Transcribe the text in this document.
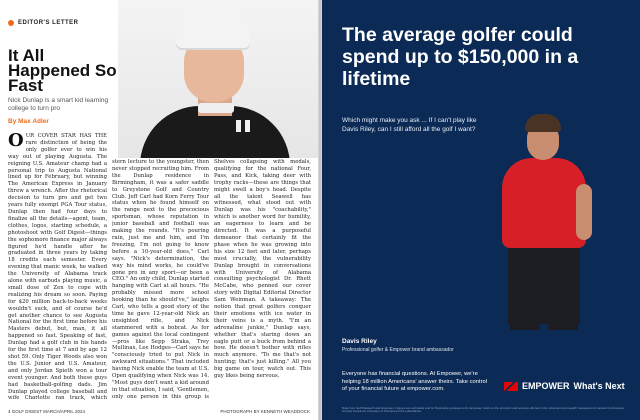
EDITOR'S LETTER
It All Happened So Fast
Nick Dunlap is a smart kid learning college to turn pro
By Max Adler
OUR COVER STAR HAS THE rare distinction of being the only golfer ever to win his way out of playing Augusta. The reigning U.S. Amateur champ had a personal trip to Augusta National lined up for February, but winning The American Express in January threw a wrench. After the rhetorical decision to turn pro and get two years fully exempt PGA Tour status, Dunlap then had four days to finalize all the details—agent, team, clothes, logos, starting schedule, a photoshoot with Golf Digest—things the sophomore finance major always figured he'd handle after he graduated in three years by taking 18 credits each semester. Every evening that manic week, he walked the University of Alabama track alone with earbuds playing music, a small dose of Zen to cope with realizing his dream so soon. Paying for $20 million back-to-back weeks wouldn't suck, and of course he'd get another chance to see Augusta National for the first time before his Masters debut, but, man, it all happened so fast. Speaking of fast, Dunlap had a golf club in his hands for the first time at 7 and by age 12 shot 59. Only Tiger Woods also won the U.S. Junior and U.S. Amateur, and only Jordan Spieth won a tour event younger. And both these guys had basketball-golfing dads. Jim Dunlap played college baseball and wife Charlotte ran track, which
stern lecture to the youngster, then never stopped recruiting him. From the Dunlap residence in Birmingham, it was a safer saddle to Greystone Golf and Country Club. Jeff Carl had Korn Ferry Tour status when he found himself on the range next to the precocious sportsman, whose reputation in junior baseball and football was making the rounds. "It's pouring rain, just me and him, and I'm freezing, I'm not going to know before a 10-year-old does," Carl says. "Nick's determination, the way his mind works, he could've gone pro in any sport—or been a CEO." An only child, Dunlap started hanging with Carl at all hours. "He probably missed more school hooking than he should've," laughs Carl, who tells a good story of the time he gave 12-year-old Nick an unsighted rifle, and Nick stammered with a bobcat. As for games against the local contingent—pros like Sepp Straka, Trey Mullinax, Lee Hodges—Carl says he "consciously tried to put Nick in awkward situations." That included having Nick enable the team at U.S. Open qualifying when Nick was 14. "Most guys don't want a kid around in that situation, I said, 'Gentlemen, only one person in this group is
Shelves collapsing with medals, qualifying for the national Four, Pass, and Kick, taking deer with trophy racks—these are things that might swell a boy's head. Despite all the talent Seawell has witnessed, what stood out with Dunlap was his "coachability," which is another word for humility, an eagerness to learn and be directed. It was a purposeful demeanor that certainly fit the phase when he was growing into his size 12 feet and later, perhaps most crucially, the vulnerability Dunlap brought in conversations with University of Alabama consulting psychologist Dr. Rhett McCabe, who penned our cover story with Digital Editorial Director Sam Weinman. A takeaway: The notion that great golfers conquer their emotions with ice water in their veins is a myth. "I'm an adrenaline junkie," Dunlap says, whether that's staring down an eagle putt or a buck from behind a bow. He doesn't bother with rifles much anymore. "To me that's not hunting; that's just killing." All you big game on tour, watch out. This guy likes being nervous.
4 GOLF DIGEST MARCH/APRIL 2024	PHOTOGRAPH BY KENNETH WEADDOCK
The average golfer could spend up to $150,000 in a lifetime
Which might make you ask ... If I can't play like Davis Riley, can I still afford all the golf I want?
Davis Riley
Professional golfer & Empower brand ambassador
Everyone has financial questions. At Empower, we're helping 18 million Americans' answer theirs. Take control of your financial future at empower.com.	EMPOWER What's Next
Data from Golf Datatech and Empower. Figures are estimated and for illustrative purposes only. Empower refers to the products and services offered in the retirement and wealth management markets by Empower Annuity Insurance Company of America and its subsidiaries.
